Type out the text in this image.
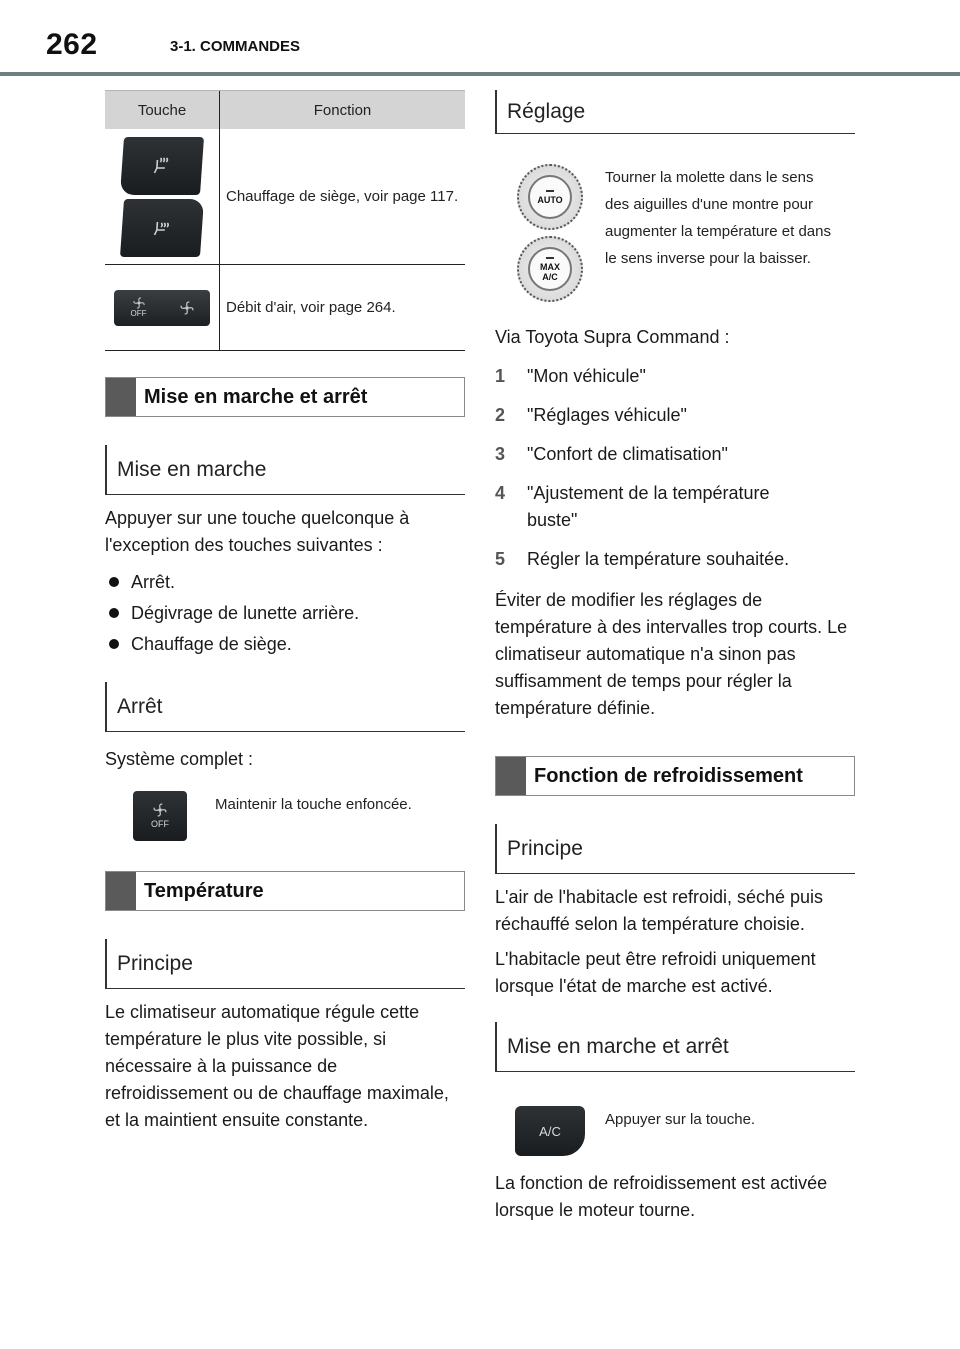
262	3-1. COMMANDES
Touche	Fonction
Chauffage de siège, voir page 117.
OFF	Débit d'air, voir page 264.
Mise en marche et arrêt
Mise en marche

Appuyer sur une touche quelconque à l'exception des touches suivantes :

Arrêt.
Dégivrage de lunette arrière.
Chauffage de siège.
Arrêt

Système complet :

OFF
Maintenir la touche enfoncée.
Température
Principe

Le climatiseur automatique régule cette température le plus vite possible, si nécessaire à la puissance de refroidissement ou de chauffage maximale, et la maintient ensuite constante.

Réglage
AUTO
MAX
A/C
Tourner la molette dans le sens des aiguilles d'une montre pour augmenter la température et dans le sens inverse pour la baisser.

Via Toyota Supra Command :

1	"Mon véhicule"
2	"Réglages véhicule"
3	"Confort de climatisation"
4	"Ajustement de la température buste"
5	Régler la température souhaitée.

Éviter de modifier les réglages de température à des intervalles trop courts. Le climatiseur automatique n'a sinon pas suffisamment de temps pour régler la température définie.

Fonction de refroidissement
Principe

L'air de l'habitacle est refroidi, séché puis réchauffé selon la température choisie.

L'habitacle peut être refroidi uniquement lorsque l'état de marche est activé.

Mise en marche et arrêt
A/C
Appuyer sur la touche.

La fonction de refroidissement est activée lorsque le moteur tourne.
